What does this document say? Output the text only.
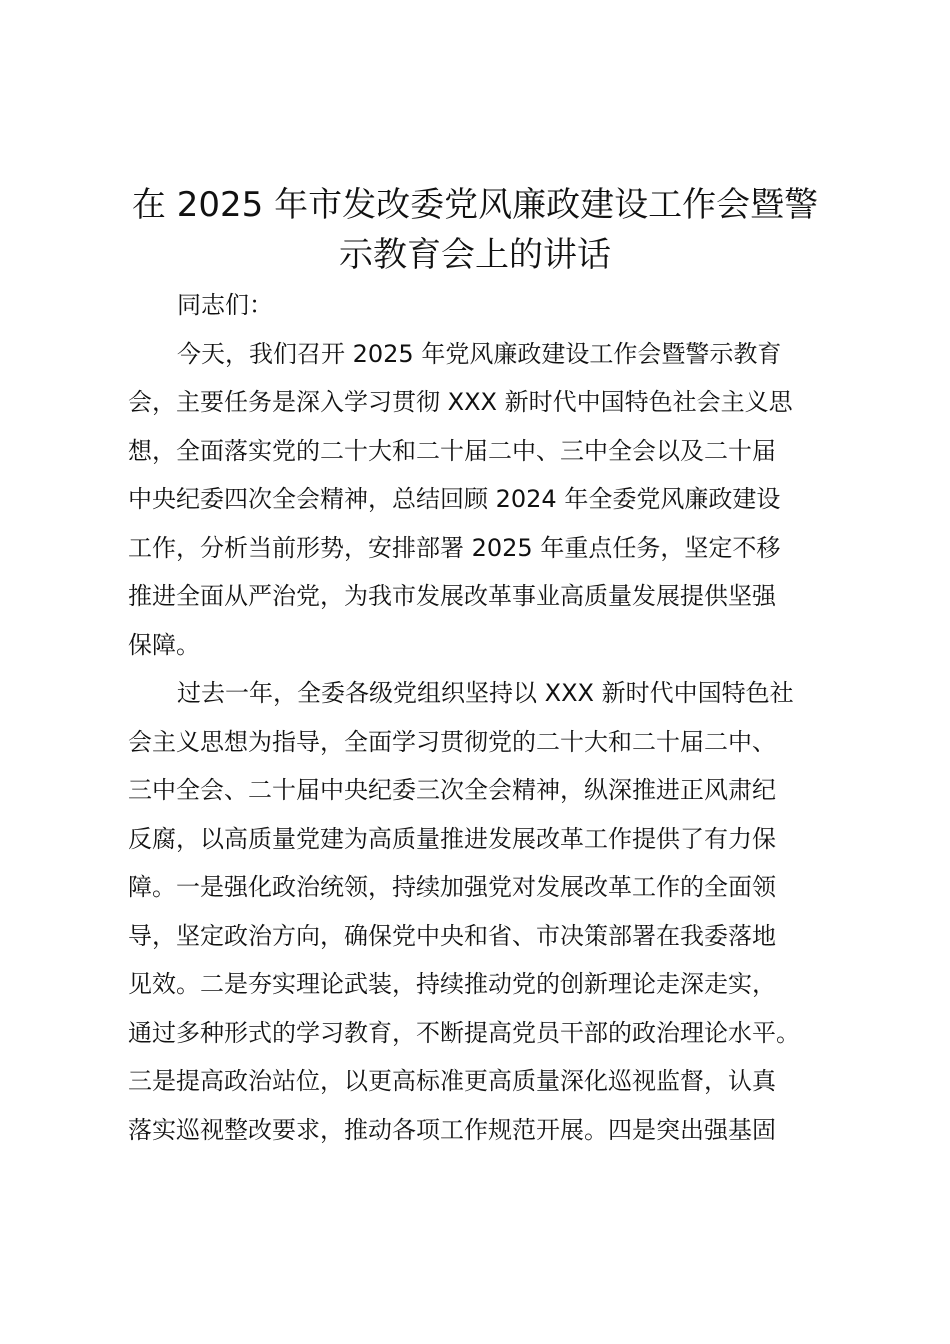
在 2025 年市发改委党风廉政建设工作会暨警
示教育会上的讲话
同志们：
今天，我们召开 2025 年党风廉政建设工作会暨警示教育
会，主要任务是深入学习贯彻 XXX 新时代中国特色社会主义思
想，全面落实党的二十大和二十届二中、三中全会以及二十届
中央纪委四次全会精神，总结回顾 2024 年全委党风廉政建设
工作，分析当前形势，安排部署 2025 年重点任务，坚定不移
推进全面从严治党，为我市发展改革事业高质量发展提供坚强
保障。
过去一年，全委各级党组织坚持以 XXX 新时代中国特色社
会主义思想为指导，全面学习贯彻党的二十大和二十届二中、
三中全会、二十届中央纪委三次全会精神，纵深推进正风肃纪
反腐，以高质量党建为高质量推进发展改革工作提供了有力保
障。一是强化政治统领，持续加强党对发展改革工作的全面领
导，坚定政治方向，确保党中央和省、市决策部署在我委落地
见效。二是夯实理论武装，持续推动党的创新理论走深走实，
通过多种形式的学习教育，不断提高党员干部的政治理论水平。
三是提高政治站位，以更高标准更高质量深化巡视监督，认真
落实巡视整改要求，推动各项工作规范开展。四是突出强基固
